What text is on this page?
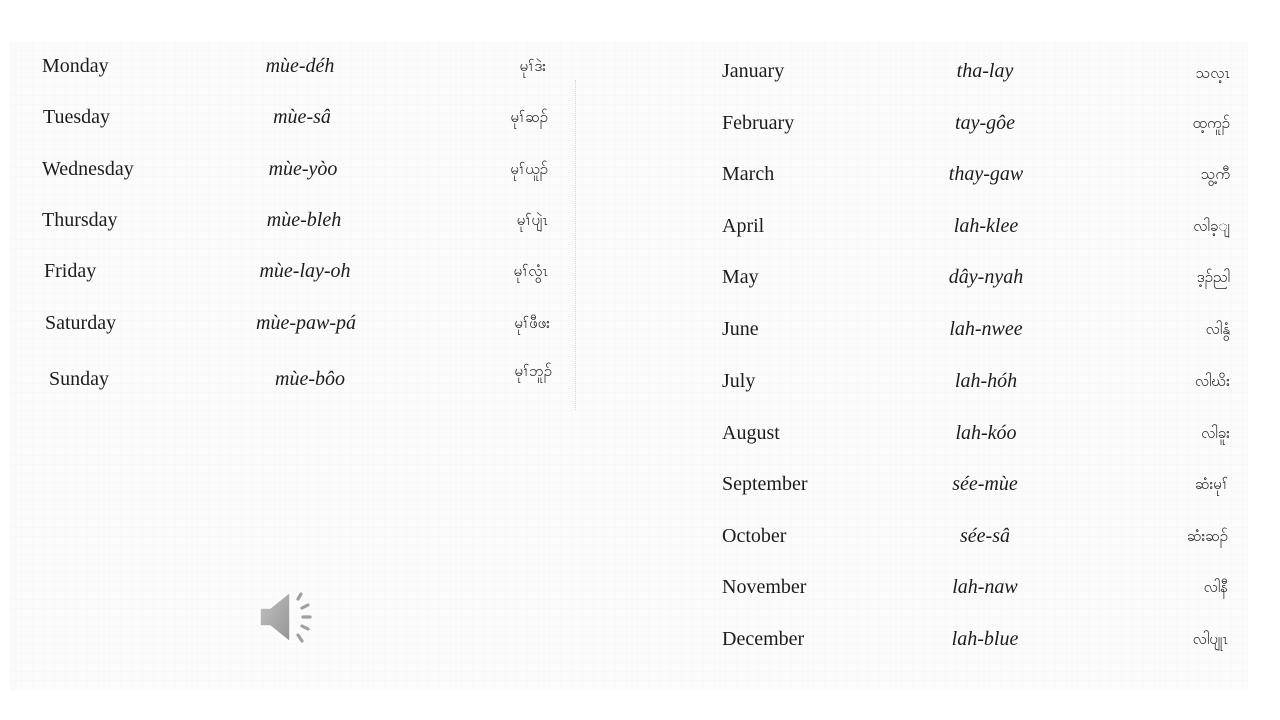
Monday	mùe-déh	မုၢ်ဒဲး
Tuesday	mùe-sâ	မုၢ်ဆၣ်
Wednesday	mùe-yòo	မုၢ်ယူၣ်
Thursday	mùe-bleh	မုၢ်ပျဲၤ
Friday	mùe-lay-oh	မုၢ်လွံၤ
Saturday	mùe-paw-pá	မုၢ်ဖီဖး
Sunday	mùe-bôo	မုၢ်ဘူၣ်
January	tha-lay	သလ့ၤ
February	tay-gôe	ထ့ကူၣ်
March	thay-gaw	သွ့ကီ
April	lah-klee	လါခ့ျ
May	dây-nyah	ဒ့ၣ်ညါ
June	lah-nwee	လါနွံ
July	lah-hóh	လါဃိး
August	lah-kóo	လါခူး
September	sée-mùe	ဆံးမုၢ်
October	sée-sâ	ဆံးဆၣ်
November	lah-naw	လါနီ
December	lah-blue	လါပျုၤ
